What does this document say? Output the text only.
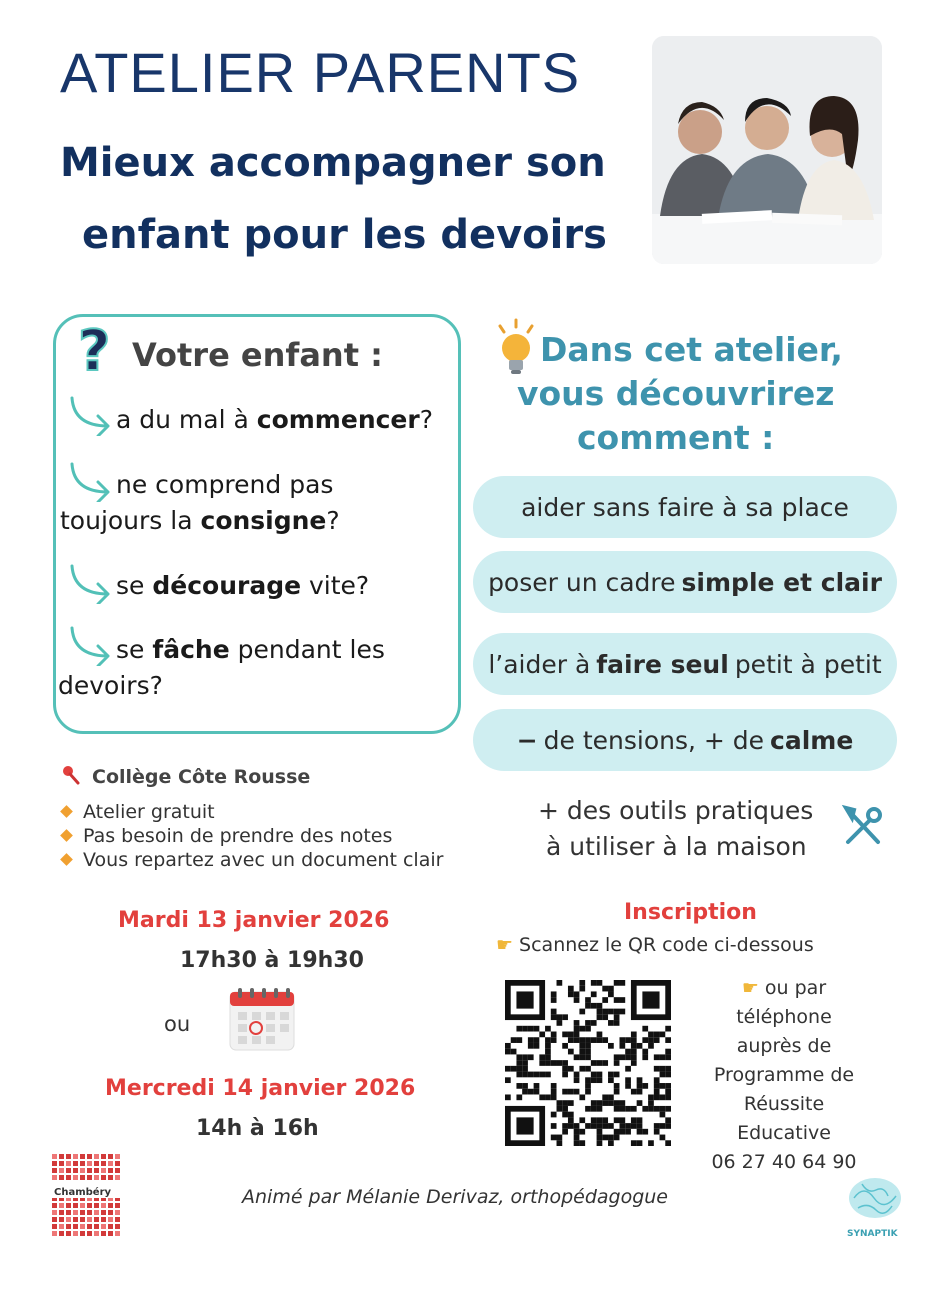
ATELIER PARENTS
Mieux accompagner son
enfant pour les devoirs
? Votre enfant :
a du mal à commencer?
ne comprend pas
toujours la consigne?
se décourage vite?
se fâche pendant les
devoirs?
Dans cet atelier,
vous découvrirez
comment :
aider sans faire à sa place
poser un cadre simple et clair
l’aider à faire seul petit à petit
− de tensions, + de calme
+ des outils pratiques
à utiliser à la maison
Collège Côte Rousse
Atelier gratuit
Pas besoin de prendre des notes
Vous repartez avec un document clair
Mardi 13 janvier 2026
17h30 à 19h30
ou
Mercredi 14 janvier 2026
14h à 16h
Inscription
☛ Scannez le QR code ci-dessous
☛ ou par
téléphone
auprès de
Programme de
Réussite
Educative
06 27 40 64 90
Chambéry	Animé par Mélanie Derivaz, orthopédagogue
SYNAPTIK
